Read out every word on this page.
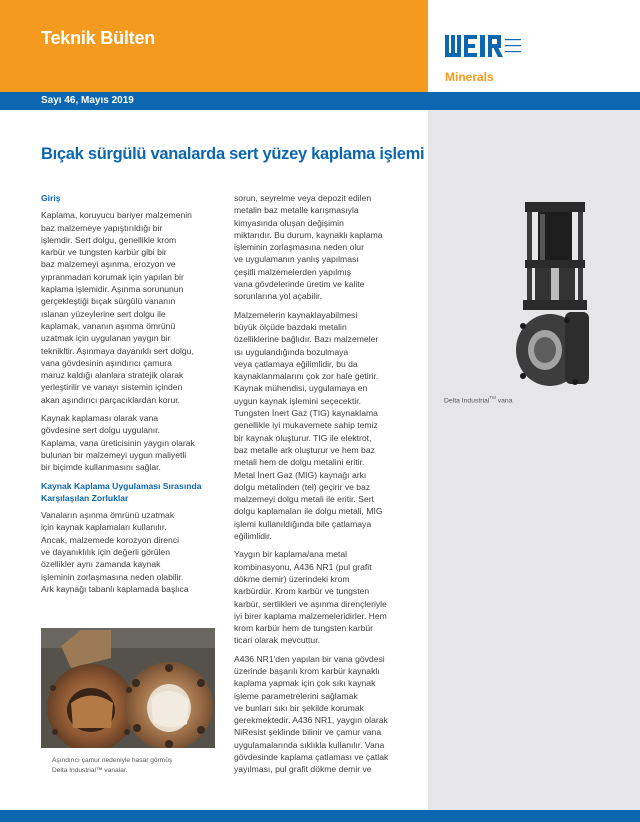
Teknik Bülten
Minerals
Sayı 46, Mayıs 2019
Bıçak sürgülü vanalarda sert yüzey kaplama işlemi
Giriş

Kaplama, koruyucu bariyer malzemenin
baz malzemeye yapıştırıldığı bir
işlemdir. Sert dolgu, genellikle krom
karbür ve tungsten karbür gibi bir
baz malzemeyi aşınma, erozyon ve
yıpranmadan korumak için yapılan bir
kaplama işlemidir. Aşınma sorununun
gerçekleştiği bıçak sürgülü vananın
ıslanan yüzeylerine sert dolgu ile
kaplamak, vananın aşınma ömrünü
uzatmak için uygulanan yaygın bir
teknikltir. Aşınmaya dayanıklı sert dolgu,
vana gövdesinin aşındırıcı çamura
maruz kaldığı alanlara stratejik olarak
yerleştirilir ve vanayı sistemin içinden
akan aşındırıcı parçacıklardan korur.

Kaynak kaplaması olarak vana
gövdesine sert dolgu uygulanır.
Kaplama, vana üreticisinin yaygın olarak
bulunan bir malzemeyi uygun maliyetli
bir biçimde kullanmasını sağlar.

Kaynak Kaplama Uygulaması Sırasında
Karşılaşılan Zorluklar

Vanaların aşınma ömrünü uzatmak
için kaynak kaplamaları kullanılır.
Ancak, malzemede korozyon direnci
ve dayanıklılık için değerli görülen
özellikler aynı zamanda kaynak
işleminin zorlaşmasına neden olabilir.
Ark kaynağı tabanlı kaplamada başlıca

sorun, seyrelme veya depozit edilen
metalin baz metalle karışmasıyla
kimyasında oluşan değişimin
miktarıdır. Bu durum, kaynaklı kaplama
işleminin zorlaşmasına neden olur
ve uygulamanın yanlış yapılması
çeşitli malzemelerden yapılmış
vana gövdelerinde üretim ve kalite
sorunlarına yol açabilir.

Malzemelerin kaynaklayabilmesi
büyük ölçüde bazdaki metalin
özelliklerine bağlıdır. Bazı malzemeler
ısı uygulandığında bozulmaya
veya çatlamaya eğilimlidir, bu da
kaynaklanmalarını çok zor hale getirir.
Kaynak mühendisi, uygulamaya en
uygun kaynak işlemini seçecektir.
Tungsten İnert Gaz (TIG) kaynaklama
genellikle iyi mukavemete sahip temiz
bir kaynak oluşturur. TIG ile elektrot,
baz metalle ark oluşturur ve hem baz
metali hem de dolgu metalini eritir.
Metal İnert Gaz (MIG) kaynağı arkı
dolgu metalinden (tel) geçirir ve baz
malzemeyi dolgu metali ile eritir. Sert
dolgu kaplamaları ile dolgu metali, MIG
işlemi kullanıldığında bile çatlamaya
eğilimlidir.

Yaygın bir kaplama/ana metal
kombinasyonu, A436 NR1 (pul grafit
dökme demir) üzerindeki krom
karbürdür. Krom karbür ve tungsten
karbür, sertlikleri ve aşınma dirençleriyle
iyi birer kaplama malzemeleridirler. Hem
krom karbür hem de tungsten karbür
ticari olarak mevcuttur.

A436 NR1'den yapılan bir vana gövdesi
üzerinde başarılı krom karbür kaynaklı
kaplama yapmak için çok sıkı kaynak
işleme parametrelerini sağlamak
ve bunları sıkı bir şekilde korumak
gerekmektedir. A436 NR1, yaygın olarak
NiResist şeklinde bilinir ve çamur vana
uygulamalarında sıklıkla kullanılır. Vana
gövdesinde kaplama çatlaması ve çatlak
yayılması, pul grafit dökme demir ve

Aşındırıcı çamur nedeniyle hasar görmüş
Delta Industrial™ vanalar.
Delta Industrial™ vana
